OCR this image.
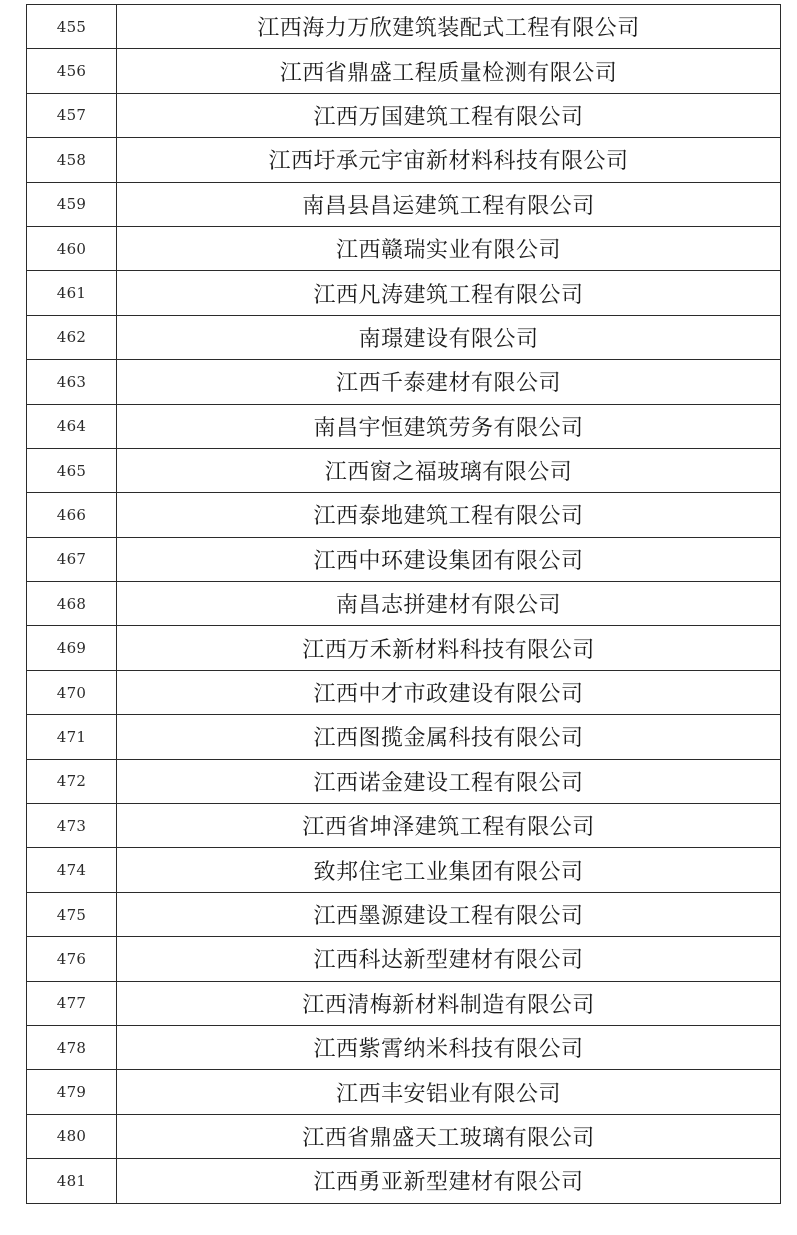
455	江西海力万欣建筑装配式工程有限公司
456	江西省鼎盛工程质量检测有限公司
457	江西万国建筑工程有限公司
458	江西圩承元宇宙新材料科技有限公司
459	南昌县昌运建筑工程有限公司
460	江西赣瑞实业有限公司
461	江西凡涛建筑工程有限公司
462	南璟建设有限公司
463	江西千泰建材有限公司
464	南昌宇恒建筑劳务有限公司
465	江西窗之福玻璃有限公司
466	江西泰地建筑工程有限公司
467	江西中环建设集团有限公司
468	南昌志拼建材有限公司
469	江西万禾新材料科技有限公司
470	江西中才市政建设有限公司
471	江西图揽金属科技有限公司
472	江西诺金建设工程有限公司
473	江西省坤泽建筑工程有限公司
474	致邦住宅工业集团有限公司
475	江西墨源建设工程有限公司
476	江西科达新型建材有限公司
477	江西清梅新材料制造有限公司
478	江西紫霄纳米科技有限公司
479	江西丰安铝业有限公司
480	江西省鼎盛天工玻璃有限公司
481	江西勇亚新型建材有限公司
